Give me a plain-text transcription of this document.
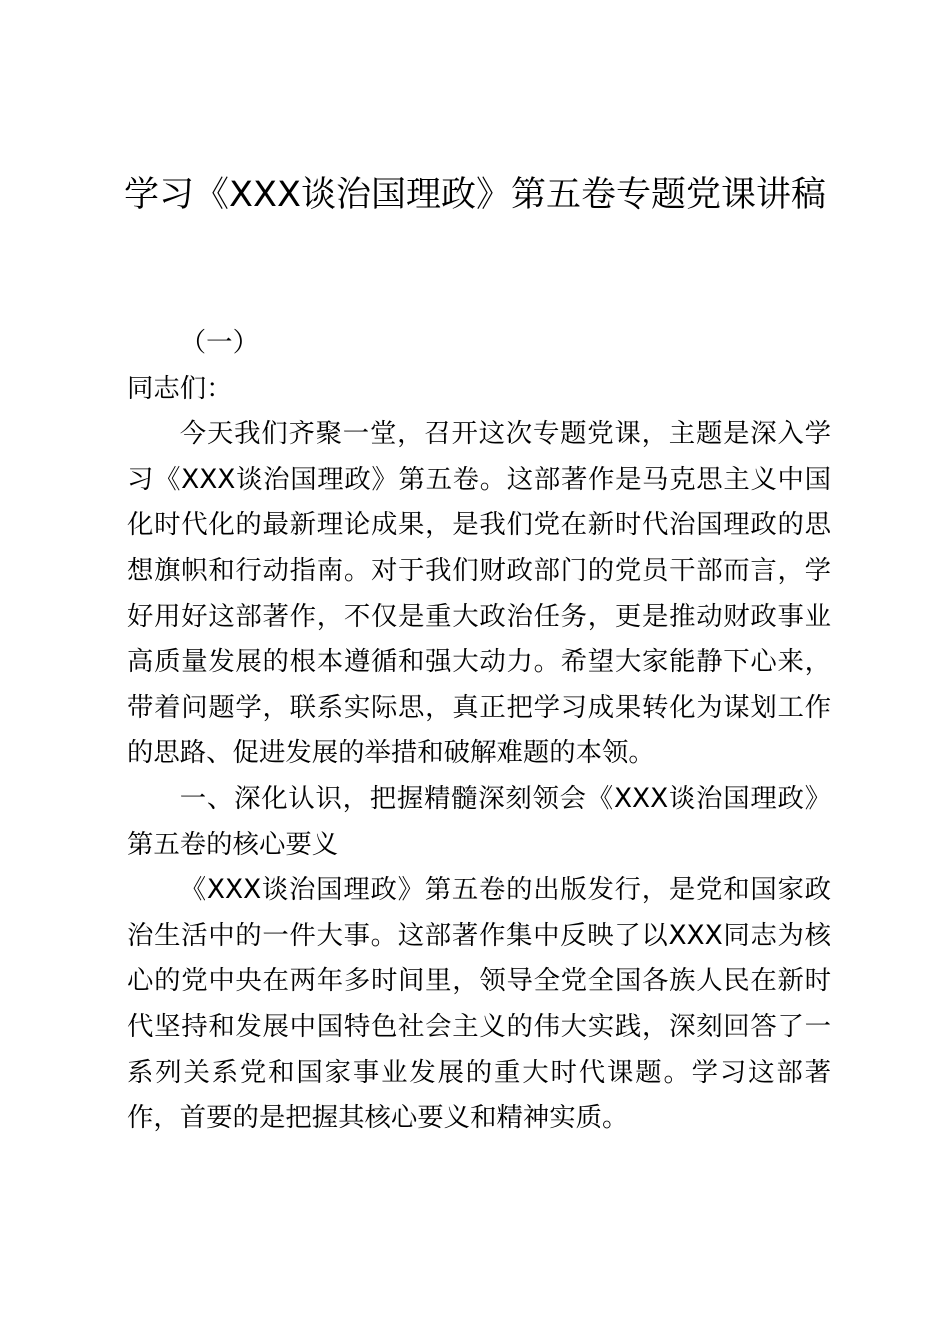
学习《XXX谈治国理政》第五卷专题党课讲稿

（一）

同志们：

今天我们齐聚一堂，召开这次专题党课，主题是深入学习《XXX谈治国理政》第五卷。这部著作是马克思主义中国化时代化的最新理论成果，是我们党在新时代治国理政的思想旗帜和行动指南。对于我们财政部门的党员干部而言，学好用好这部著作，不仅是重大政治任务，更是推动财政事业高质量发展的根本遵循和强大动力。希望大家能静下心来，带着问题学，联系实际思，真正把学习成果转化为谋划工作的思路、促进发展的举措和破解难题的本领。

一、深化认识，把握精髓深刻领会《XXX谈治国理政》第五卷的核心要义

《XXX谈治国理政》第五卷的出版发行，是党和国家政治生活中的一件大事。这部著作集中反映了以XXX同志为核心的党中央在两年多时间里，领导全党全国各族人民在新时代坚持和发展中国特色社会主义的伟大实践，深刻回答了一系列关系党和国家事业发展的重大时代课题。学习这部著作，首要的是把握其核心要义和精神实质。
